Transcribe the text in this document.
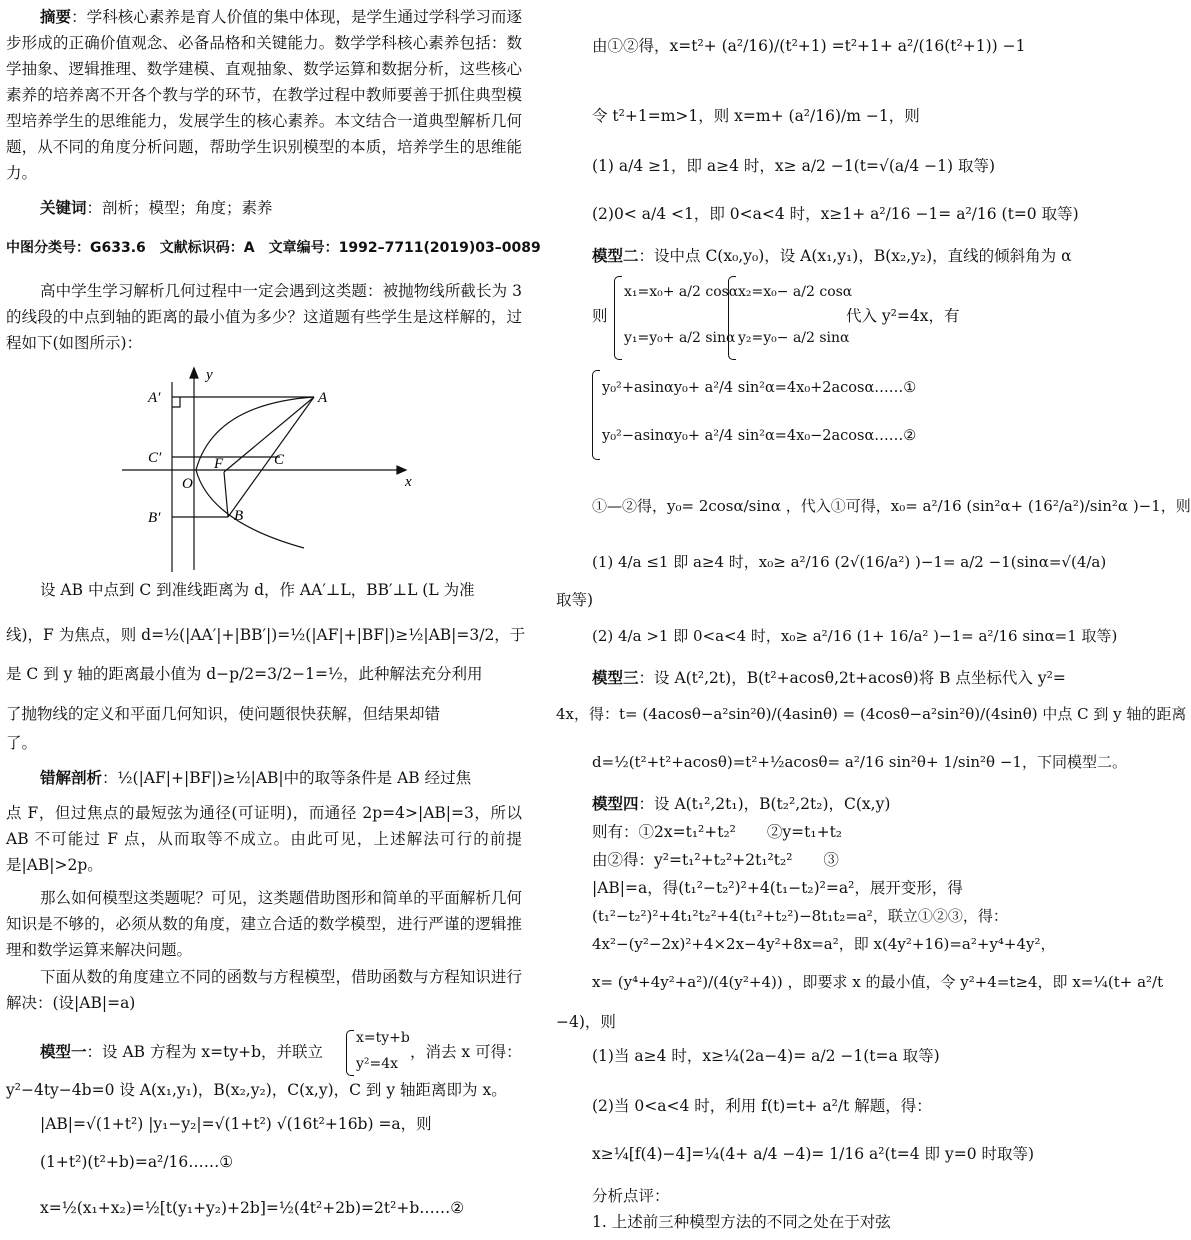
摘要：学科核心素养是育人价值的集中体现，是学生通过学科学习而逐步形成的正确价值观念、必备品格和关键能力。数学学科核心素养包括：数学抽象、逻辑推理、数学建模、直观抽象、数学运算和数据分析，这些核心素养的培养离不开各个教与学的环节，在教学过程中教师要善于抓住典型模型培养学生的思维能力，发展学生的核心素养。本文结合一道典型解析几何题，从不同的角度分析问题，帮助学生识别模型的本质，培养学生的思维能力。
关键词：剖析；模型；角度；素养
中图分类号：G633.6　文献标识码：A　文章编号：1992–7711(2019)03–0089
高中学生学习解析几何过程中一定会遇到这类题：被抛物线所截长为 3 的线段的中点到轴的距离的最小值为多少？这道题有些学生是这样解的，过程如下(如图所示)：
A′	A
C′	C
F
O
B′	B
x
y
设 AB 中点到 C 到准线距离为 d，作 AA′⊥L，BB′⊥L (L 为准
线)，F 为焦点，则 d=½(|AA′|+|BB′|)=½(|AF|+|BF|)≥½|AB|=3/2，于
是 C 到 y 轴的距离最小值为 d−p/2=3/2−1=½，此种解法充分利用
了抛物线的定义和平面几何知识，使问题很快获解，但结果却错
了。
错解剖析：½(|AF|+|BF|)≥½|AB|中的取等条件是 AB 经过焦
点 F，但过焦点的最短弦为通径(可证明)，而通径 2p=4>|AB|=3，所以 AB 不可能过 F 点，从而取等不成立。由此可见，上述解法可行的前提是|AB|>2p。
那么如何模型这类题呢？可见，这类题借助图形和简单的平面解析几何知识是不够的，必须从数的角度，建立合适的数学模型，进行严谨的逻辑推理和数学运算来解决问题。
下面从数的角度建立不同的函数与方程模型，借助函数与方程知识进行解决：(设|AB|=a)
模型一：设 AB 方程为 x=ty+b，并联立
x=ty+b
y²=4x
，消去 x 可得：
y²−4ty−4b=0 设 A(x₁,y₁)，B(x₂,y₂)，C(x,y)，C 到 y 轴距离即为 x。
|AB|=√(1+t²) |y₁−y₂|=√(1+t²) √(16t²+16b) =a，则
(1+t²)(t²+b)=a²/16……①
x=½(x₁+x₂)=½[t(y₁+y₂)+2b]=½(4t²+2b)=2t²+b……②
由①②得，x=t²+ (a²/16)/(t²+1) =t²+1+ a²/(16(t²+1)) −1
令 t²+1=m>1，则 x=m+ (a²/16)/m −1，则
(1) a/4 ≥1，即 a≥4 时，x≥ a/2 −1(t=√(a/4 −1) 取等)
(2)0< a/4 <1，即 0<a<4 时，x≥1+ a²/16 −1= a²/16 (t=0 取等)
模型二：设中点 C(x₀,y₀)，设 A(x₁,y₁)，B(x₂,y₂)，直线的倾斜角为 α
则
x₁=x₀+ a/2 cosα
y₁=y₀+ a/2 sinα
x₂=x₀− a/2 cosα
y₂=y₀− a/2 sinα
代入 y²=4x，有
y₀²+asinαy₀+ a²/4 sin²α=4x₀+2acosα……①
y₀²−asinαy₀+ a²/4 sin²α=4x₀−2acosα……②
①—②得，y₀= 2cosα/sinα ，代入①可得，x₀= a²/16 (sin²α+ (16²/a²)/sin²α )−1，则
(1) 4/a ≤1 即 a≥4 时，x₀≥ a²/16 (2√(16/a²) )−1= a/2 −1(sinα=√(4/a)
取等)
(2) 4/a >1 即 0<a<4 时，x₀≥ a²/16 (1+ 16/a² )−1= a²/16 sinα=1 取等)
模型三：设 A(t²,2t)，B(t²+acosθ,2t+acosθ)将 B 点坐标代入 y²=
4x，得：t= (4acosθ−a²sin²θ)/(4asinθ) = (4cosθ−a²sin²θ)/(4sinθ) 中点 C 到 y 轴的距离
d=½(t²+t²+acosθ)=t²+½acosθ= a²/16 sin²θ+ 1/sin²θ −1，下同模型二。
模型四：设 A(t₁²,2t₁)，B(t₂²,2t₂)，C(x,y)
则有：①2x=t₁²+t₂²　　②y=t₁+t₂
由②得：y²=t₁²+t₂²+2t₁²t₂²　　③
|AB|=a，得(t₁²−t₂²)²+4(t₁−t₂)²=a²，展开变形，得
(t₁²−t₂²)²+4t₁²t₂²+4(t₁²+t₂²)−8t₁t₂=a²，联立①②③，得：
4x²−(y²−2x)²+4×2x−4y²+8x=a²，即 x(4y²+16)=a²+y⁴+4y²，
x= (y⁴+4y²+a²)/(4(y²+4)) ，即要求 x 的最小值，令 y²+4=t≥4，即 x=¼(t+ a²/t
−4)，则
(1)当 a≥4 时，x≥¼(2a−4)= a/2 −1(t=a 取等)
(2)当 0<a<4 时，利用 f(t)=t+ a²/t 解题，得：
x≥¼[f(4)−4]=¼(4+ a/4 −4)= 1/16 a²(t=4 即 y=0 时取等)
分析点评：
1. 上述前三种模型方法的不同之处在于对弦
